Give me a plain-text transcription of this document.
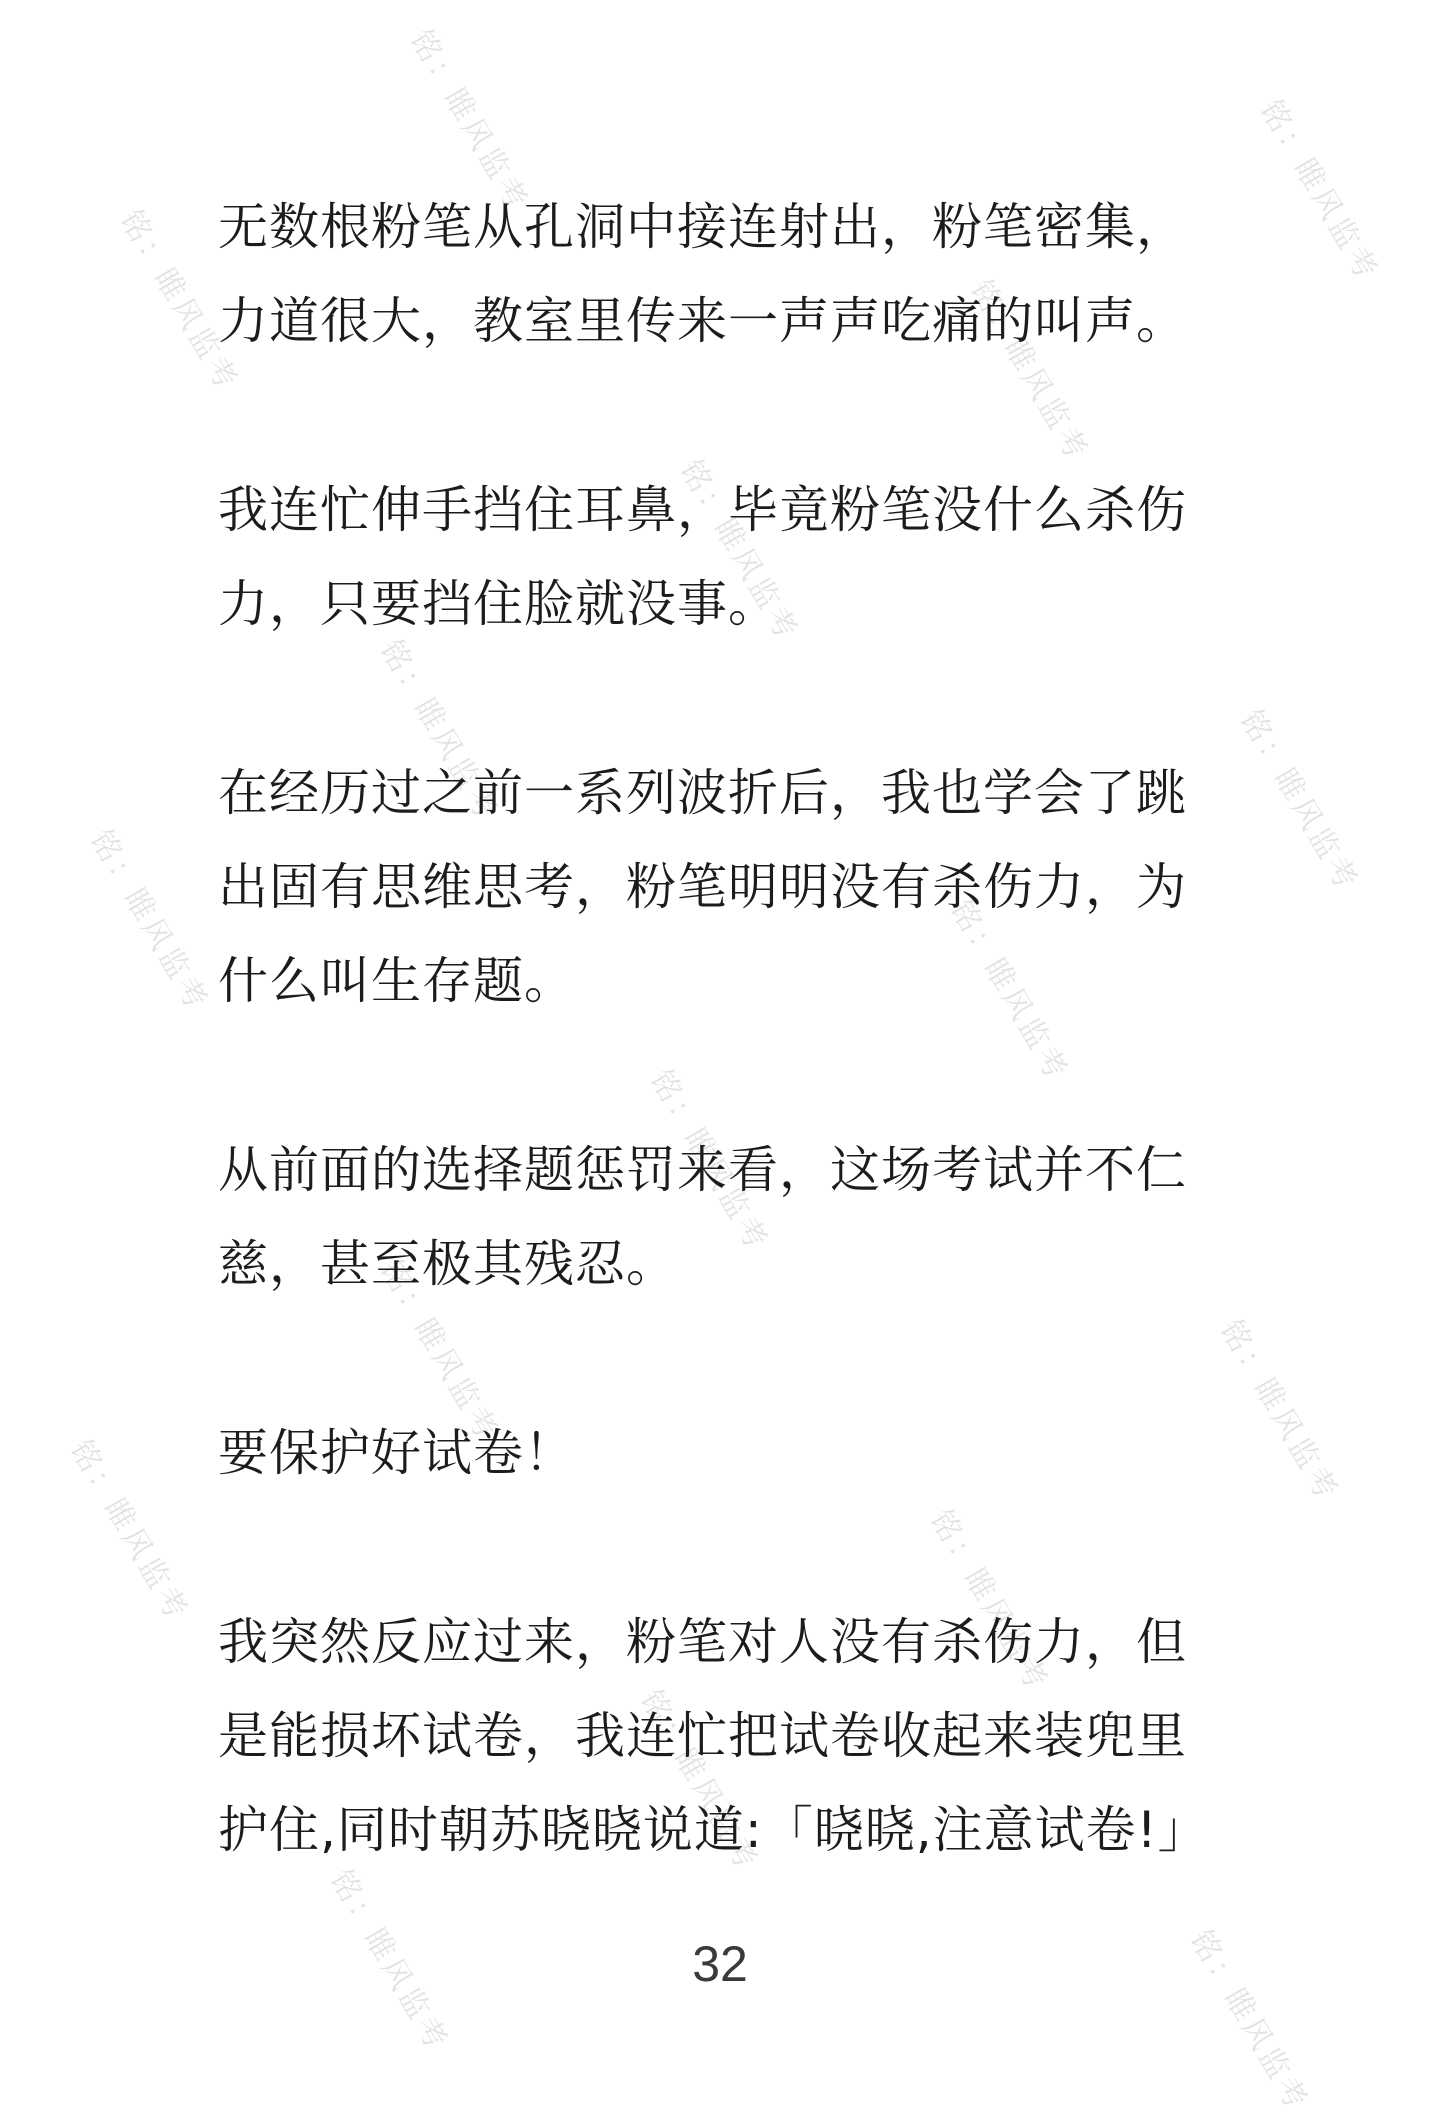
铭：睢风监考	铭：睢风监考
铭：睢风监考	铭：睢风监考
铭：睢风监考
铭：睢风监考	铭：睢风监考
铭：睢风监考	铭：睢风监考
铭：睢风监考
铭：睢风监考	铭：睢风监考
铭：睢风监考	铭：睢风监考
铭：睢风监考
铭：睢风监考	铭：睢风监考

无数根粉笔从孔洞中接连射出，粉笔密集，力道很大，教室里传来一声声吃痛的叫声。

我连忙伸手挡住耳鼻，毕竟粉笔没什么杀伤力，只要挡住脸就没事。

在经历过之前一系列波折后，我也学会了跳出固有思维思考，粉笔明明没有杀伤力，为什么叫生存题。

从前面的选择题惩罚来看，这场考试并不仁慈，甚至极其残忍。

要保护好试卷！

我突然反应过来，粉笔对人没有杀伤力，但是能损坏试卷，我连忙把试卷收起来装兜里护住,同时朝苏晓晓说道:「晓晓,注意试卷!」

32
